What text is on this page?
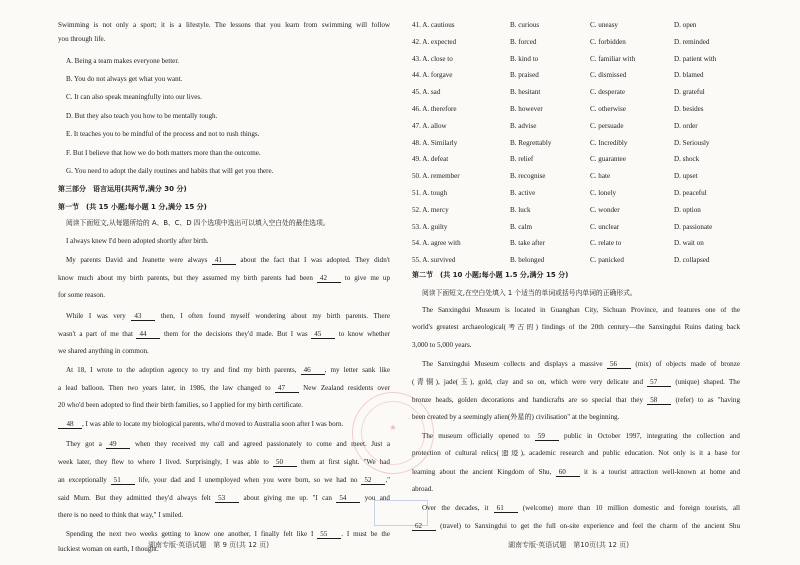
Swimming is not only a sport; it is a lifestyle. The lessons that you learn from swimming will follow
you through life.
A. Being a team makes everyone better.
B. You do not always get what you want.
C. It can also speak meaningfully into our lives.
D. But they also teach you how to be mentally tough.
E. It teaches you to be mindful of the process and not to rush things.
F. But I believe that how we do both matters more than the outcome.
G. You need to adopt the daily routines and habits that will get you there.
第三部分　语言运用(共两节,满分 30 分)
第一节　(共 15 小题;每小题 1 分,满分 15 分)
阅读下面短文,从每题所给的 A、B、C、D 四个选项中选出可以填入空白处的最佳选项。
I always knew I'd been adopted shortly after birth.
My parents David and Jeanette were always 41	about the fact that I was adopted. They didn't
know much about my birth parents, but they assumed my birth parents had been 42	to give me up
for some reason.
While I was very 43	then, I often found myself wondering about my birth parents. There
wasn't a part of me that 44 them for the decisions they'd made. But I was 45 to know whether
we shared anything in common.
At 18, I wrote to the adoption agency to try and find my birth parents, 46 , my letter sank like
a lead balloon. Then two years later, in 1986, the law changed to 47	New Zealand residents over
20 who'd been adopted to find their birth families, so I applied for my birth certificate.
48 , I was able to locate my biological parents, who'd moved to Australia soon after I was born.
They got a 49	when they received my call and agreed passionately to come and meet. Just a
week later, they flew to where I lived. Surprisingly, I was able to 50	them at first sight. "We had
an exceptionally 51	life, your dad and I unemployed when you were born, so we had no 52 ,"
said Mum. But they admitted they'd always felt 53	about giving me up. "I can 54	you and
there is no need to think that way," I smiled.
Spending the next two weeks getting to know one another, I finally felt like I 55 . I must be the
luckiest woman on earth, I thought.
41. A. cautious	B. curious	C. uneasy	D. open
42. A. expected	B. forced	C. forbidden	D. reminded
43. A. close to	B. kind to	C. familiar with	D. patient with
44. A. forgave	B. praised	C. dismissed	D. blamed
45. A. sad	B. hesitant	C. desperate	D. grateful
46. A. therefore	B. however	C. otherwise	D. besides
47. A. allow	B. advise	C. persuade	D. order
48. A. Similarly	B. Regrettably	C. Incredibly	D. Seriously
49. A. defeat	B. relief	C. guarantee	D. shock
50. A. remember	B. recognise	C. hate	D. upset
51. A. tough	B. active	C. lonely	D. peaceful
52. A. mercy	B. luck	C. wonder	D. option
53. A. guilty	B. calm	C. unclear	D. passionate
54. A. agree with	B. take after	C. relate to	D. wait on
55. A. survived	B. belonged	C. panicked	D. collapsed
第二节　(共 10 小题;每小题 1.5 分,满分 15 分)
阅读下面短文,在空白处填入 1 个适当的单词或括号内单词的正确形式。
The Sanxingdui Museum is located in Guanghan City, Sichuan Province, and features one of the
world's greatest archaeological(考古的) findings of the 20th century—the Sanxingdui Ruins dating back
3,000 to 5,000 years.
The Sanxingdui Museum collects and displays a massive 56	(mix) of objects made of bronze
(青铜), jade(玉), gold, clay and so on, which were very delicate and 57	(unique) shaped. The
bronze heads, golden decorations and handicrafts are so special that they 58	(refer) to as "having
been created by a seemingly alien(外星的) civilisation" at the beginning.
The museum officially opened to 59	public in October 1997, integrating the collection and
protection of cultural relics(遗迹), academic research and public education. Not only is it a base for
learning about the ancient Kingdom of Shu, 60	it is a tourist attraction well-known at home and
abroad.
Over the decades, it 61	(welcome) more than 10 million domestic and foreign tourists, all
62	(travel) to Sanxingdui to get the full on-site experience and feel the charm of the ancient Shu
湖南专版·英语试题　第 9 页(共 12 页)	湖南专版·英语试题　第10页(共 12 页)
★
